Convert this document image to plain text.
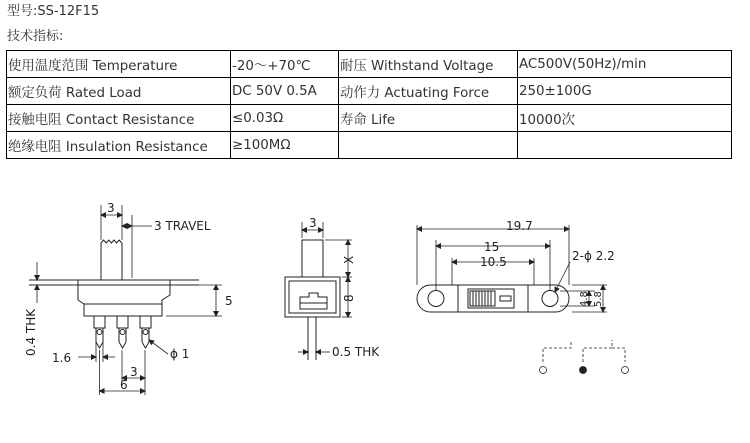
型号:SS-12F15
技术指标:
使用温度范围 Temperature	-20～+70℃	耐压 Withstand Voltage	AC500V(50Hz)/min
额定负荷 Rated Load	DC 50V 0.5A	动作力 Actuating Force	250±100G
接触电阻 Contact Resistance	≤0.03Ω	寿命 Life	10000次
绝缘电阻 Insulation Resistance	≥100MΩ		
3
3 TRAVEL
5
0.4 THK	ϕ 1
1.6
3
6
3
X
8
0.5 THK
19.7
15
10.5	2-ϕ 2.2
4.8 5.8
